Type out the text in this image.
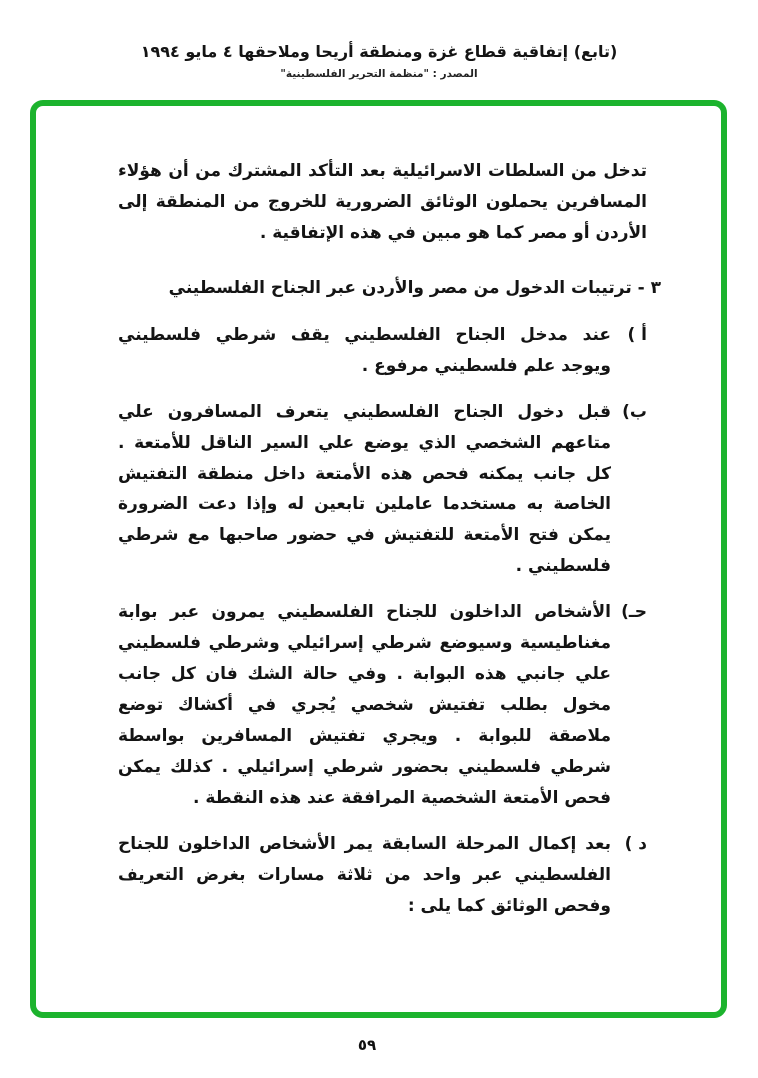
(تابع) إتفاقية قطاع غزة ومنطقة أريحا وملاحقها ٤ مايو ١٩٩٤
المصدر : "منظمة التحرير الفلسطينية"

تدخل من السلطات الاسرائيلية بعد التأكد المشترك من أن هؤلاء المسافرين يحملون الوثائق الضرورية للخروج من المنطقة إلى الأردن أو مصر كما هو مبين في هذه الإتفاقية .

٣ - ترتيبات الدخول من مصر والأردن عبر الجناح الفلسطيني
أ )
عند مدخل الجناح الفلسطيني يقف شرطي فلسطيني ويوجد علم فلسطيني مرفوع .
ب)
قبل دخول الجناح الفلسطيني يتعرف المسافرون علي متاعهم الشخصي الذي يوضع علي السير الناقل للأمتعة . كل جانب يمكنه فحص هذه الأمتعة داخل منطقة التفتيش الخاصة به مستخدما عاملين تابعين له وإذا دعت الضرورة يمكن فتح الأمتعة للتفتيش في حضور صاحبها مع شرطي فلسطيني .
حـ)
الأشخاص الداخلون للجناح الفلسطيني يمرون عبر بوابة مغناطيسية وسيوضع شرطي إسرائيلي وشرطي فلسطيني علي جانبي هذه البوابة . وفي حالة الشك فان كل جانب مخول بطلب تفتيش شخصي يُجري في أكشاك توضع ملاصقة للبوابة . ويجري تفتيش المسافرين بواسطة شرطي فلسطيني بحضور شرطي إسرائيلي . كذلك يمكن فحص الأمتعة الشخصية المرافقة عند هذه النقطة .
د )
بعد إكمال المرحلة السابقة يمر الأشخاص الداخلون للجناح الفلسطيني عبر واحد من ثلاثة مسارات بغرض التعريف وفحص الوثائق كما يلى :
٥٩
